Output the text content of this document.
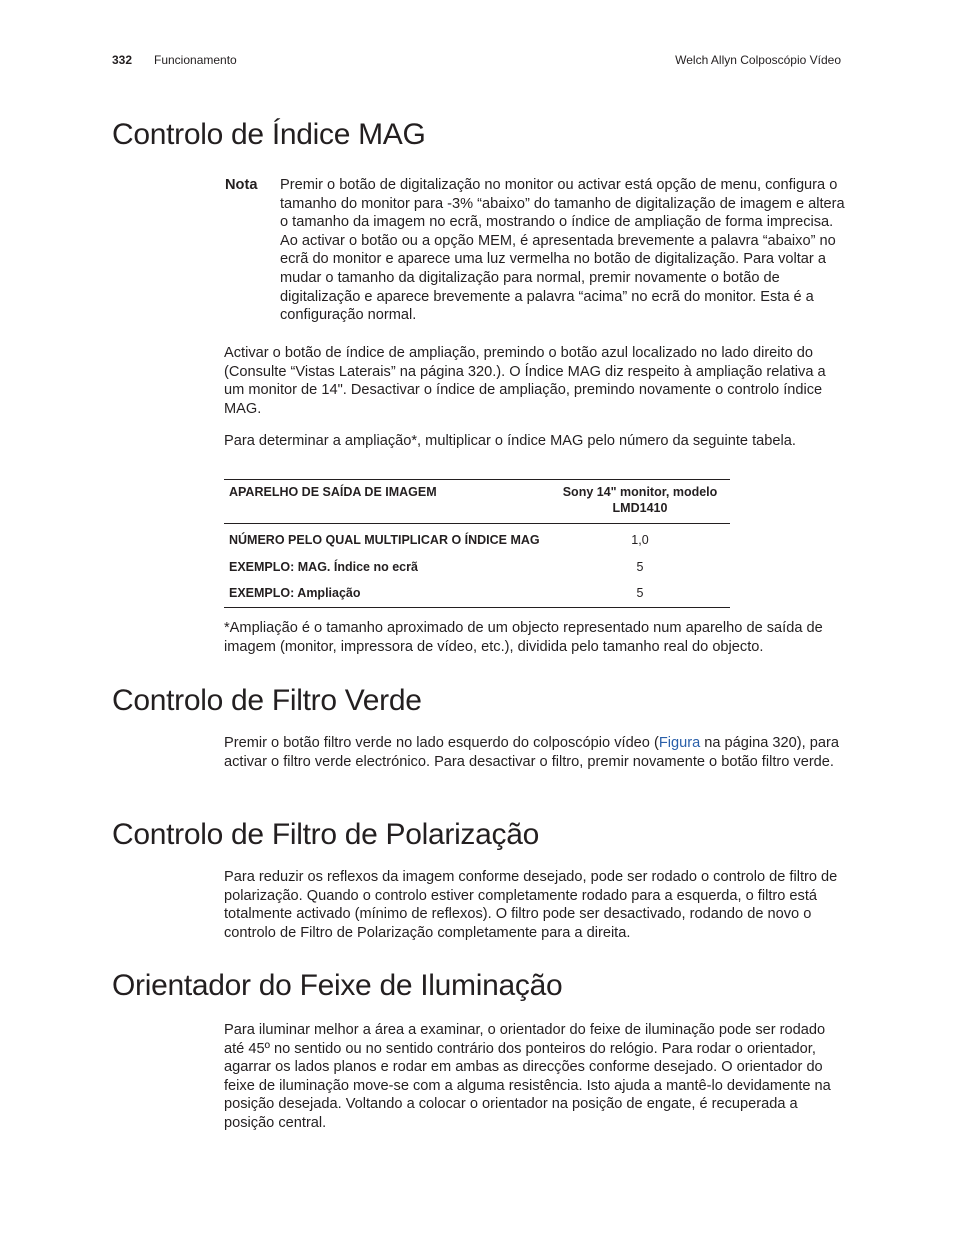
332 Funcionamento	Welch Allyn Colposcópio Vídeo
Controlo de Índice MAG
Nota Premir o botão de digitalização no monitor ou activar está opção de menu, configura o tamanho do monitor para -3% “abaixo” do tamanho de digitalização de imagem e altera o tamanho da imagem no ecrã, mostrando o índice de ampliação de forma imprecisa. Ao activar o botão ou a opção MEM, é apresentada brevemente a palavra “abaixo” no ecrã do monitor e aparece uma luz vermelha no botão de digitalização. Para voltar a mudar o tamanho da digitalização para normal, premir novamente o botão de digitalização e aparece brevemente a palavra “acima” no ecrã do monitor. Esta é a configuração normal.

Activar o botão de índice de ampliação, premindo o botão azul localizado no lado direito do (Consulte “Vistas Laterais” na página 320.). O Índice MAG diz respeito à ampliação relativa a um monitor de 14". Desactivar o índice de ampliação, premindo novamente o controlo índice MAG.

Para determinar a ampliação*, multiplicar o índice MAG pelo número da seguinte tabela.

APARELHO DE SAÍDA DE IMAGEM	Sony 14" monitor, modelo LMD1410
NÚMERO PELO QUAL MULTIPLICAR O ÍNDICE MAG	1,0
EXEMPLO: MAG. Índice no ecrã	5
EXEMPLO: Ampliação	5

*Ampliação é o tamanho aproximado de um objecto representado num aparelho de saída de imagem (monitor, impressora de vídeo, etc.), dividida pelo tamanho real do objecto.

Controlo de Filtro Verde

Premir o botão filtro verde no lado esquerdo do colposcópio vídeo (Figura na página 320), para activar o filtro verde electrónico. Para desactivar o filtro, premir novamente o botão filtro verde.

Controlo de Filtro de Polarização

Para reduzir os reflexos da imagem conforme desejado, pode ser rodado o controlo de filtro de polarização. Quando o controlo estiver completamente rodado para a esquerda, o filtro está totalmente activado (mínimo de reflexos). O filtro pode ser desactivado, rodando de novo o controlo de Filtro de Polarização completamente para a direita.

Orientador do Feixe de Iluminação

Para iluminar melhor a área a examinar, o orientador do feixe de iluminação pode ser rodado até 45º no sentido ou no sentido contrário dos ponteiros do relógio. Para rodar o orientador, agarrar os lados planos e rodar em ambas as direcções conforme desejado. O orientador do feixe de iluminação move-se com a alguma resistência. Isto ajuda a mantê-lo devidamente na posição desejada. Voltando a colocar o orientador na posição de engate, é recuperada a posição central.
